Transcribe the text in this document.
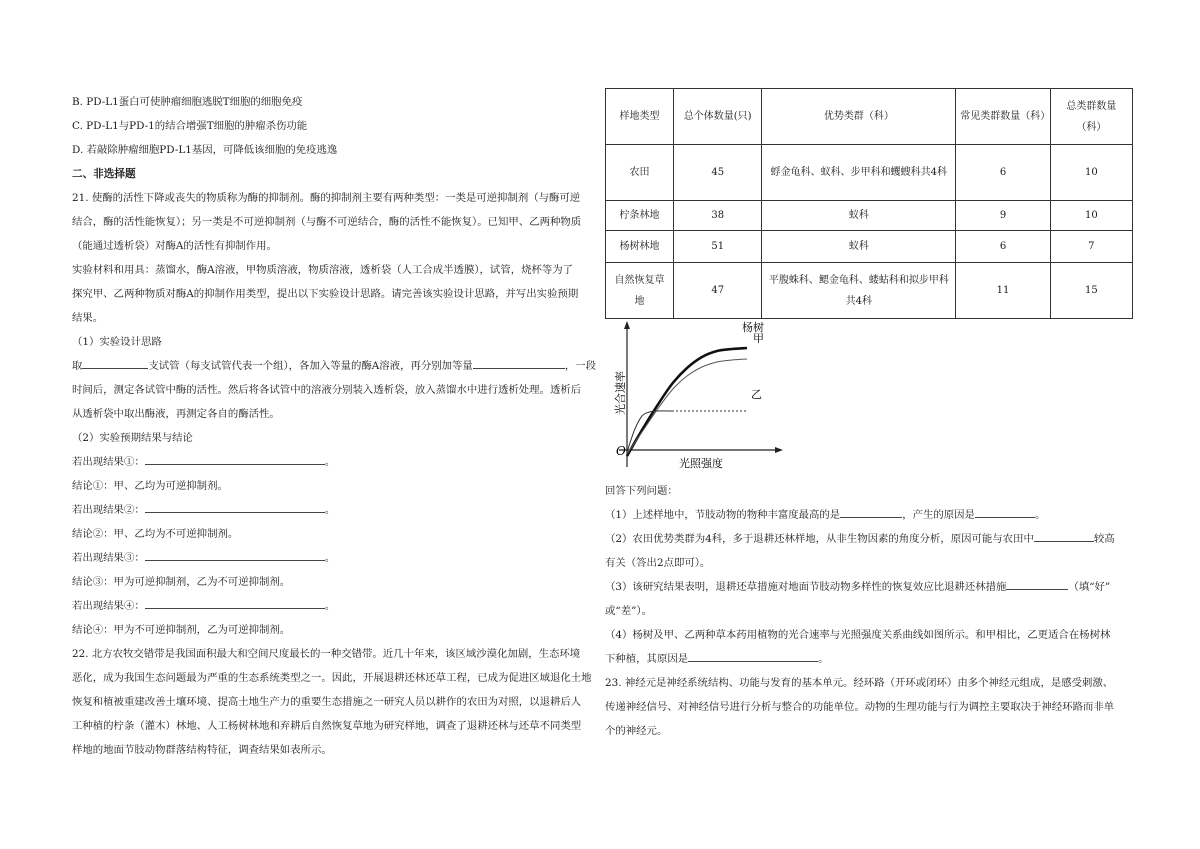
B. PD-L1蛋白可使肿瘤细胞逃脱T细胞的细胞免疫
C. PD-L1与PD-1的结合增强T细胞的肿瘤杀伤功能
D. 若敲除肿瘤细胞PD-L1基因，可降低该细胞的免疫逃逸
二、非选择题
21. 使酶的活性下降或丧失的物质称为酶的抑制剂。酶的抑制剂主要有两种类型：一类是可逆抑制剂（与酶可逆
结合，酶的活性能恢复）；另一类是不可逆抑制剂（与酶不可逆结合，酶的活性不能恢复）。已知甲、乙两种物质
（能通过透析袋）对酶A的活性有抑制作用。
实验材料和用具：蒸馏水，酶A溶液，甲物质溶液，物质溶液，透析袋（人工合成半透膜），试管，烧杯等为了
探究甲、乙两种物质对酶A的抑制作用类型，提出以下实验设计思路。请完善该实验设计思路，并写出实验预期
结果。
（1）实验设计思路
取	支试管（每支试管代表一个组），各加入等量的酶A溶液，再分别加等量	，一段
时间后，测定各试管中酶的活性。然后将各试管中的溶液分别装入透析袋，放入蒸馏水中进行透析处理。透析后
从透析袋中取出酶液，再测定各自的酶活性。
（2）实验预期结果与结论
若出现结果①：	。
结论①：甲、乙均为可逆抑制剂。
若出现结果②：	。
结论②：甲、乙均为不可逆抑制剂。
若出现结果③：	。
结论③：甲为可逆抑制剂，乙为不可逆抑制剂。
若出现结果④：	。
结论④：甲为不可逆抑制剂，乙为可逆抑制剂。
22. 北方农牧交错带是我国面积最大和空间尺度最长的一种交错带。近几十年来，该区域沙漠化加剧，生态环境
恶化，成为我国生态问题最为严重的生态系统类型之一。因此，开展退耕还林还草工程，已成为促进区域退化土地
恢复和植被重建改善土壤环境、提高土地生产力的重要生态措施之一研究人员以耕作的农田为对照，以退耕后人
工种植的柠条（灌木）林地、人工杨树林地和弃耕后自然恢复草地为研究样地，调查了退耕还林与还草不同类型
样地的地面节肢动物群落结构特征，调查结果如表所示。
样地类型	总个体数量(只)	优势类群（科）	常见类群数量（科）	总类群数量（科）
农田	45	蜉金龟科、蚁科、步甲科和蠼螋科共4科	6	10
柠条林地	38	蚁科	9	10
杨树林地	51	蚁科	6	7
自然恢复草地	47	平腹蛛科、鳃金龟科、蝼蛄科和拟步甲科共4科	11	15
O
光照强度
光合速率
杨树
甲
乙
回答下列问题：
（1）上述样地中，节肢动物的物种丰富度最高的是	，产生的原因是	。
（2）农田优势类群为4科，多于退耕还林样地，从非生物因素的角度分析，原因可能与农田中	较高
有关（答出2点即可）。
（3）该研究结果表明，退耕还草措施对地面节肢动物多样性的恢复效应比退耕还林措施	（填“好”
或“差”）。
（4）杨树及甲、乙两种草本药用植物的光合速率与光照强度关系曲线如图所示。和甲相比，乙更适合在杨树林
下种植，其原因是	。
23. 神经元是神经系统结构、功能与发育的基本单元。经环路（开环或闭环）由多个神经元组成，是感受刺激、
传递神经信号、对神经信号进行分析与整合的功能单位。动物的生理功能与行为调控主要取决于神经环路而非单
个的神经元。
